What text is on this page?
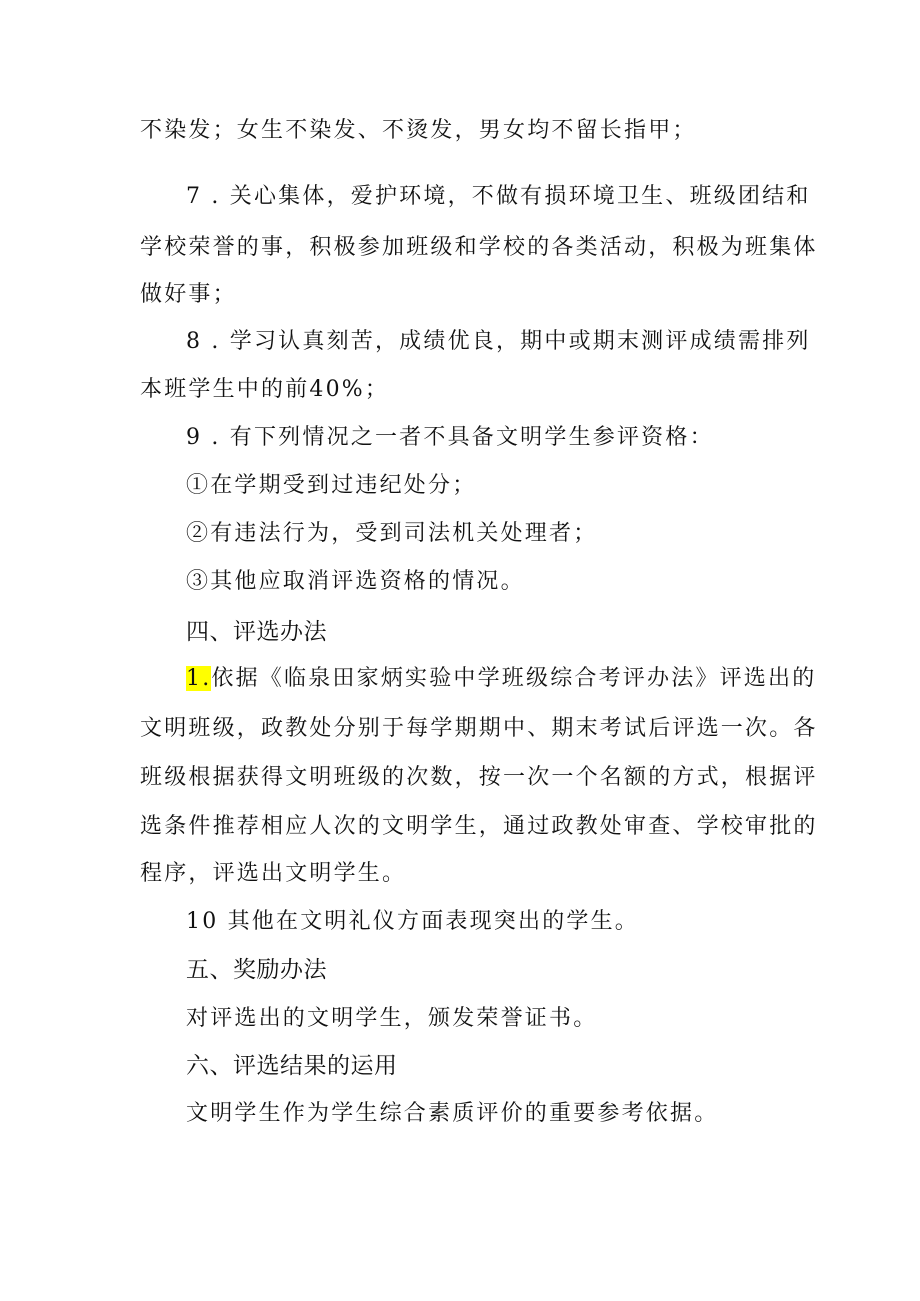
不染发；女生不染发、不烫发，男女均不留长指甲；
7 . 关心集体，爱护环境，不做有损环境卫生、班级团结和
学校荣誉的事，积极参加班级和学校的各类活动，积极为班集体
做好事；
8 . 学习认真刻苦，成绩优良，期中或期末测评成绩需排列
本班学生中的前40%；
9 . 有下列情况之一者不具备文明学生参评资格：
①在学期受到过违纪处分；
②有违法行为，受到司法机关处理者；
③其他应取消评选资格的情况。
四、评选办法
1.依据《临泉田家炳实验中学班级综合考评办法》评选出的
文明班级，政教处分别于每学期期中、期末考试后评选一次。各
班级根据获得文明班级的次数，按一次一个名额的方式，根据评
选条件推荐相应人次的文明学生，通过政教处审查、学校审批的
程序，评选出文明学生。
10 其他在文明礼仪方面表现突出的学生。
五、奖励办法
对评选出的文明学生，颁发荣誉证书。
六、评选结果的运用
文明学生作为学生综合素质评价的重要参考依据。
